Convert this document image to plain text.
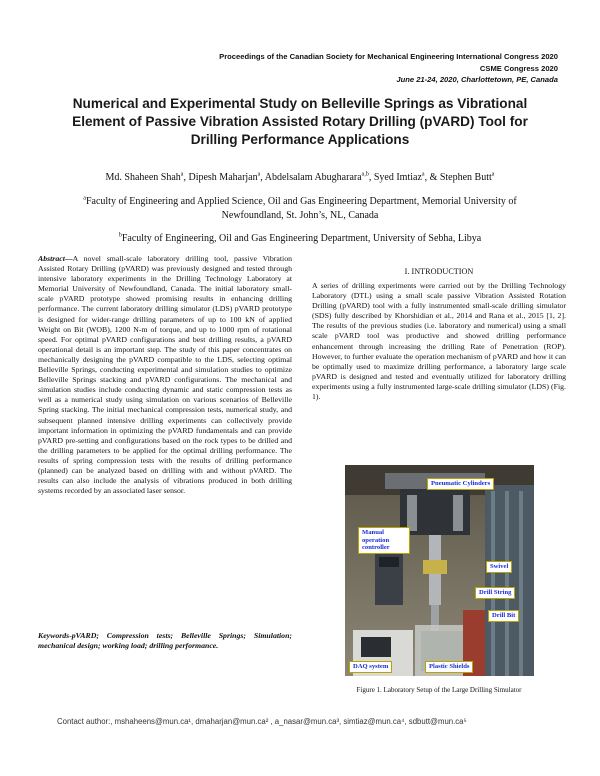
Proceedings of the Canadian Society for Mechanical Engineering International Congress 2020
CSME Congress 2020
June 21-24, 2020, Charlottetown, PE, Canada
Numerical and Experimental Study on Belleville Springs as Vibrational
Element of Passive Vibration Assisted Rotary Drilling (pVARD) Tool for
Drilling Performance Applications
Md. Shaheen Shah$^a$, Dipesh Maharjan$^a$, Abdelsalam Abugharara$^{a,b}$, Syed Imtiaz$^a$, & Stephen Butt$^a$
$^a$Faculty of Engineering and Applied Science, Oil and Gas Engineering Department, Memorial University of
Newfoundland, St. John’s, NL, Canada
$^b$Faculty of Engineering, Oil and Gas Engineering Department, University of Sebha, Libya

Abstract—A novel small-scale laboratory drilling tool, passive Vibration Assisted Rotary Drilling (pVARD) was previously designed and tested through intensive laboratory experiments in the Drilling Technology Laboratory at Memorial University of Newfoundland, Canada. The initial laboratory small-scale pVARD prototype showed promising results in enhancing drilling performance. The current laboratory drilling simulator (LDS) pVARD prototype is designed for wider-range drilling parameters of up to 100 kN of applied Weight on Bit (WOB), 1200 N-m of torque, and up to 1000 rpm of rotational speed. For optimal pVARD configurations and best drilling results, a pVARD operational detail is an important step. The study of this paper concentrates on mechanically designing the pVARD compatible to the LDS, selecting optimal Belleville Springs, conducting experimental and simulation studies to optimize Belleville Springs stacking and pVARD configurations. The mechanical and simulation studies include conducting dynamic and static compression tests as well as a numerical study using simulation on various scenarios of Belleville Spring stacking. The initial mechanical compression tests, numerical study, and subsequent planned intensive drilling experiments can collectively provide important information in optimizing the pVARD fundamentals and can provide pVARD pre-setting and configurations based on the rock types to be drilled and the drilling parameters to be applied for the optimal drilling performance. The results of spring compression tests with the results of drilling performance (planned) can be analyzed based on drilling with and without pVARD. The results can also include the analysis of vibrations produced in both drilling systems recorded by an associated laser sensor.

Keywords-pVARD; Compression tests; Belleville Springs; Simulation; mechanical design; working load; drilling performance.

I. INTRODUCTION

A series of drilling experiments were carried out by the Drilling Technology Laboratory (DTL) using a small scale passive Vibration Assisted Rotation Drilling (pVARD) tool with a fully instrumented small-scale drilling simulator (SDS) fully described by Khorshidian et al., 2014 and Rana et al., 2015 [1, 2]. The results of the previous studies (i.e. laboratory and numerical) using a small scale pVARD tool was productive and showed drilling performance enhancement through increasing the drilling Rate of Penetration (ROP). However, to further evaluate the operation mechanism of pVARD and how it can be optimally used to maximize drilling performance, a laboratory large scale pVARD is designed and tested and eventually utilized for laboratory drilling experiments using a fully instrumented large-scale drilling simulator (LDS) (Fig. 1).

Pneumatic Cylinders
Manual operation controller
Swivel
Drill String
Drill Bit
DAQ system	Plastic Shields
Figure 1. Laboratory Setup of the Large Drilling Simulator
Contact author:, mshaheens@mun.ca¹, dmaharjan@mun.ca² , a_nasar@mun.ca³, simtiaz@mun.ca⁴, sdbutt@mun.ca⁵
